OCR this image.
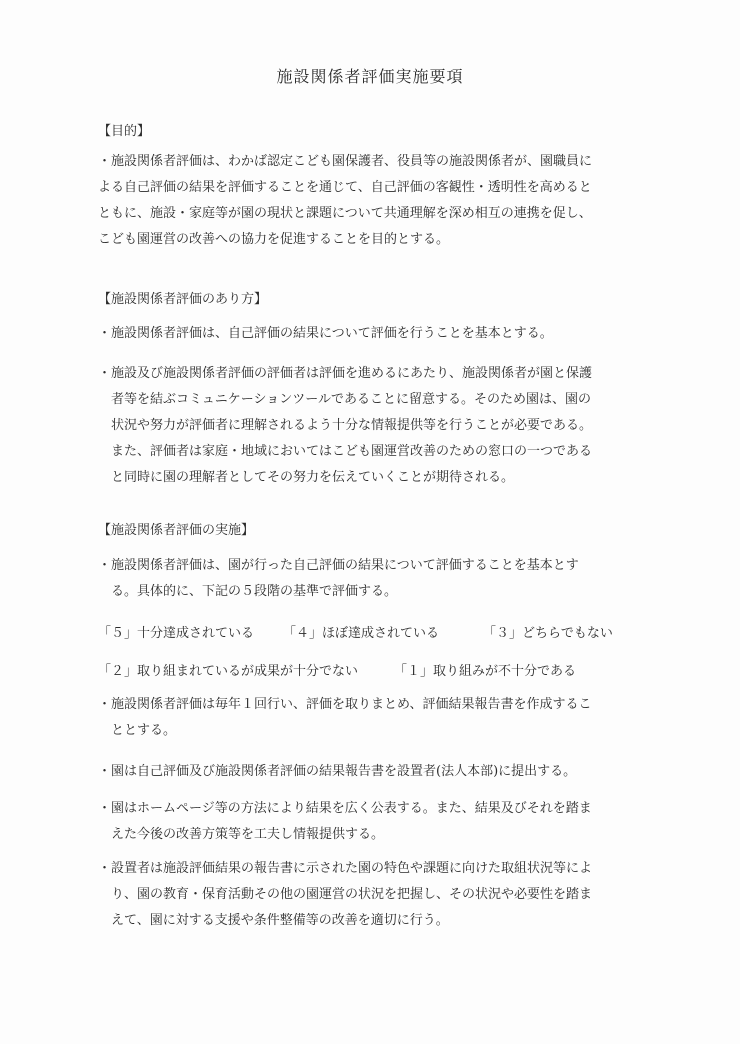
施設関係者評価実施要項
【目的】
・施設関係者評価は、わかば認定こども園保護者、役員等の施設関係者が、園職員に
よる自己評価の結果を評価することを通じて、自己評価の客観性・透明性を高めると
ともに、施設・家庭等が園の現状と課題について共通理解を深め相互の連携を促し、
こども園運営の改善への協力を促進することを目的とする。
【施設関係者評価のあり方】
・施設関係者評価は、自己評価の結果について評価を行うことを基本とする。
・施設及び施設関係者評価の評価者は評価を進めるにあたり、施設関係者が園と保護
者等を結ぶコミュニケーションツールであることに留意する。そのため園は、園の
状況や努力が評価者に理解されるよう十分な情報提供等を行うことが必要である。
また、評価者は家庭・地域においてはこども園運営改善のための窓口の一つである
と同時に園の理解者としてその努力を伝えていくことが期待される。
【施設関係者評価の実施】
・施設関係者評価は、園が行った自己評価の結果について評価することを基本とす
る。具体的に、下記の５段階の基準で評価する。
「５」十分達成されている 「４」ほぼ達成されている	「３」どちらでもない
「２」取り組まれているが成果が十分でない	「１」取り組みが不十分である
・施設関係者評価は毎年１回行い、評価を取りまとめ、評価結果報告書を作成するこ
ととする。
・園は自己評価及び施設関係者評価の結果報告書を設置者(法人本部)に提出する。
・園はホームページ等の方法により結果を広く公表する。また、結果及びそれを踏ま
えた今後の改善方策等を工夫し情報提供する。
・設置者は施設評価結果の報告書に示された園の特色や課題に向けた取組状況等によ
り、園の教育・保育活動その他の園運営の状況を把握し、その状況や必要性を踏ま
えて、園に対する支援や条件整備等の改善を適切に行う。
